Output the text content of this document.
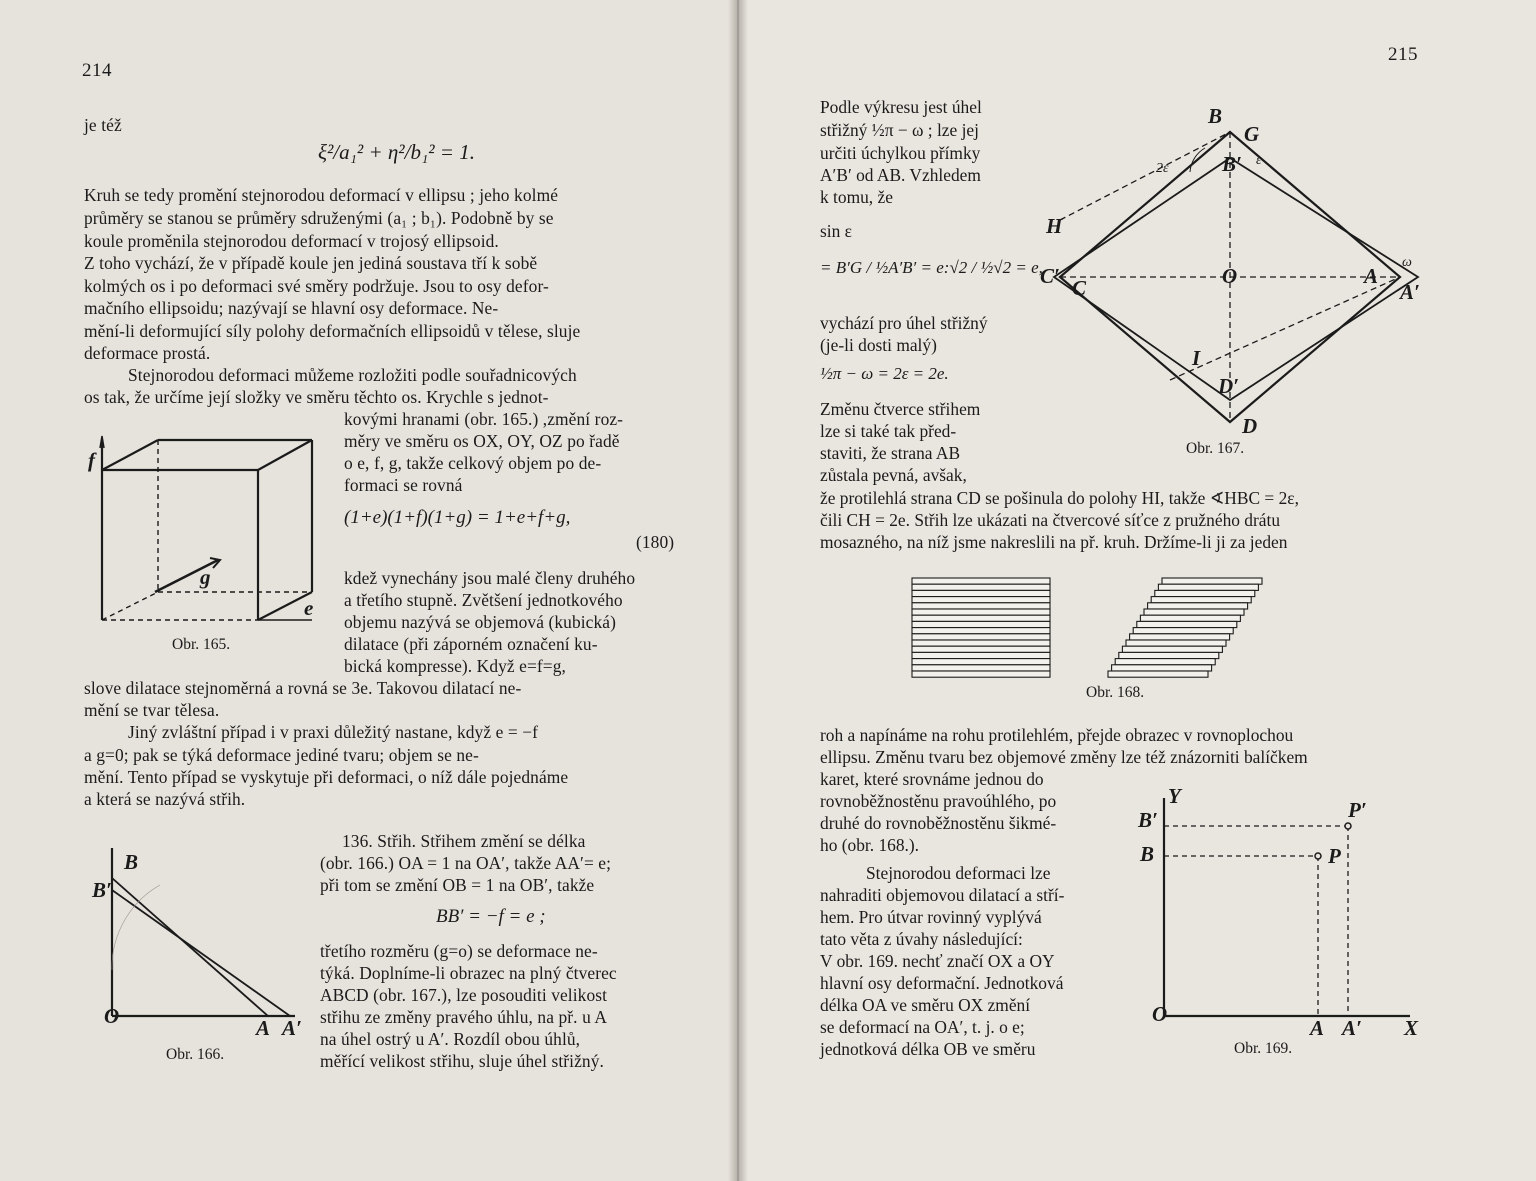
214
je též
ξ²/a₁² + η²/b₁² = 1.
Kruh se tedy promění stejnorodou deformací v ellipsu ; jeho kolmé
průměry se stanou se průměry sdruženými (a₁ ; b₁). Podobně by se
koule proměnila stejnorodou deformací v trojosý ellipsoid.
Z toho vychází, že v případě koule jen jediná soustava tří k sobě
kolmých os i po deformaci své směry podržuje. Jsou to osy defor-
mačního ellipsoidu; nazývají se hlavní osy deformace. Ne-
mění-li deformující síly polohy deformačních ellipsoidů v tělese, sluje
deformace prostá.
Stejnorodou deformaci můžeme rozložiti podle souřadnicových
os tak, že určíme její složky ve směru těchto os. Krychle s jednot-
kovými hranami (obr. 165.) ,změní roz-
měry ve směru os OX, OY, OZ po řadě
o e, f, g, takže celkový objem po de-
formaci se rovná
(1+e)(1+f)(1+g) = 1+e+f+g,
(180)
kdež vynechány jsou malé členy druhého
a třetího stupně. Zvětšení jednotkového
objemu nazývá se objemová (kubická)
dilatace (při záporném označení ku-
bická kompresse). Když e=f=g,
slove dilatace stejnoměrná a rovná se 3e. Takovou dilatací ne-
mění se tvar tělesa.
Jiný zvláštní případ i v praxi důležitý nastane, když e = −f
a g=0; pak se týká deformace jediné tvaru; objem se ne-
mění. Tento případ se vyskytuje při deformaci, o níž dále pojednáme
a která se nazývá střih.
136. Střih. Střihem změní se délka
(obr. 166.) OA = 1 na OA′, takže AA′= e;
při tom se změní OB = 1 na OB′, takže
BB′ = −f = e ;
třetího rozměru (g=o) se deformace ne-
týká. Doplníme-li obrazec na plný čtverec
ABCD (obr. 167.), lze posouditi velikost
střihu ze změny pravého úhlu, na př. u A
na úhel ostrý u A′. Rozdíl obou úhlů,
měřící velikost střihu, sluje úhel střižný.
f
g
e
Obr. 165.
B
B′
O	A A′
Obr. 166.
215
Podle výkresu jest úhel
střižný ½π − ω ; lze jej
určiti úchylkou přímky
A′B′ od AB. Vzhledem
k tomu, že
sin ε
= B′G / ½A′B′ = e:√2 / ½√2 = e,
vychází pro úhel střižný
(je-li dosti malý)
½π − ω = 2ε = 2e.
Změnu čtverce střihem
lze si také tak před-
staviti, že strana AB
zůstala pevná, avšak,
že protilehlá strana CD se pošinula do polohy HI, takže ∢HBC = 2ε,
čili CH = 2e. Střih lze ukázati na čtvercové síťce z pružného drátu
mosazného, na níž jsme nakreslili na př. kruh. Držíme-li ji za jeden
roh a napínáme na rohu protilehlém, přejde obrazec v rovnoplochou
ellipsu. Změnu tvaru bez objemové změny lze též znázorniti balíčkem
karet, které srovnáme jednou do
rovnoběžnostěnu pravoúhlého, po
druhé do rovnoběžnostěnu šikmé-
ho (obr. 168.).
Stejnorodou deformaci lze
nahraditi objemovou dilatací a stří-
hem. Pro útvar rovinný vyplývá
tato věta z úvahy následující:
V obr. 169. nechť značí OX a OY
hlavní osy deformační. Jednotková
délka OA ve směru OX změní
se deformací na OA′, t. j. o e;
jednotková délka OB ve směru
B
G
B′
H
C′ C	O	A
A′
I
D′
D
2ε
ε
ω
Obr. 167.
Obr. 168.
Y
B′
B
P′
P
O
A A′ X
Obr. 169.
